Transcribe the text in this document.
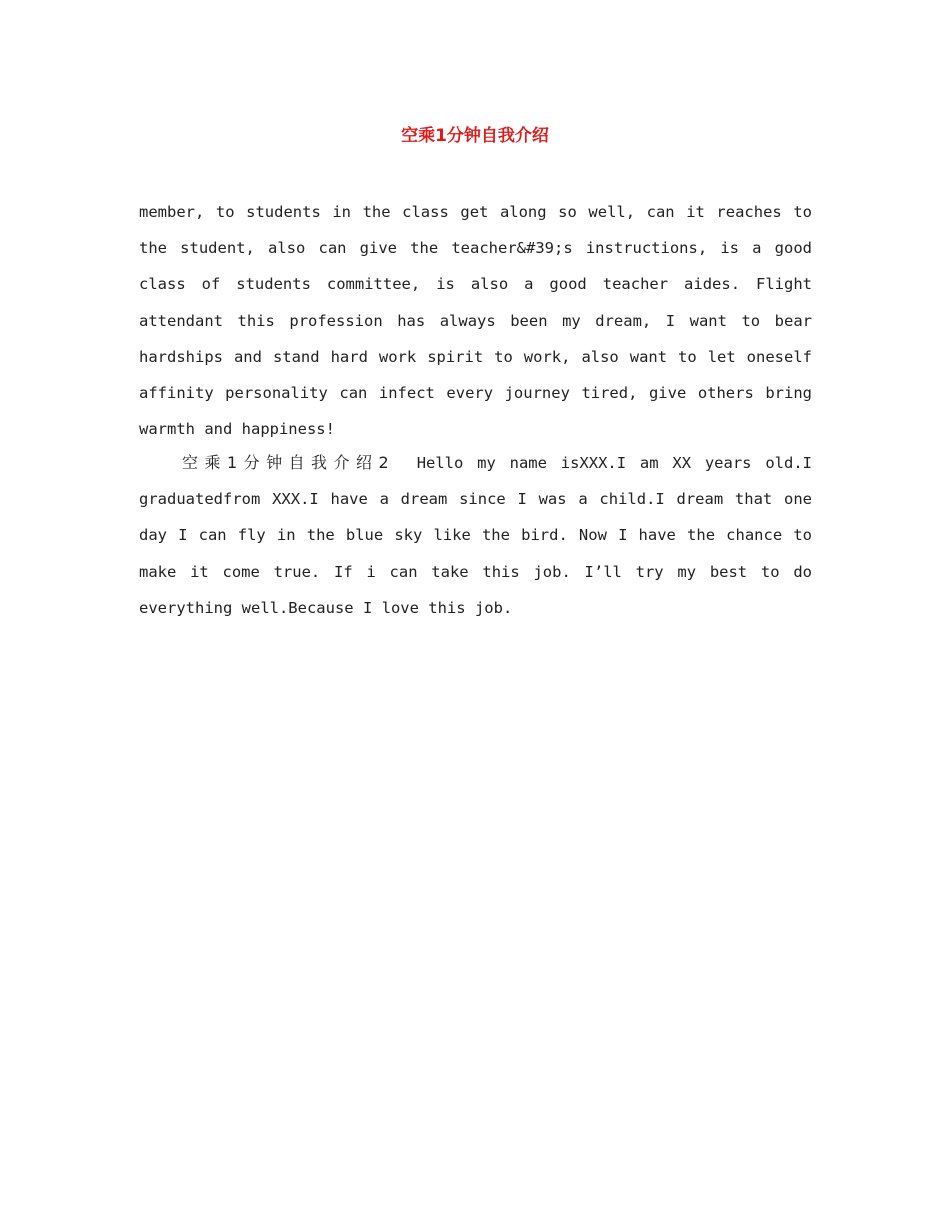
空乘1分钟自我介绍

member, to students in the class get along so well, can it reaches to the student, also can give the teacher&#39;s instructions, is a good class of students committee, is also a good teacher aides. Flight attendant this profession has always been my dream, I want to bear hardships and stand hard work spirit to work, also want to let oneself affinity personality can infect every journey tired, give others bring warmth and happiness!

空乘1分钟自我介绍2 Hello my name isXXX.I am XX years old.I graduatedfrom XXX.I have a dream since I was a child.I dream that one day I can fly in the blue sky like the bird. Now I have the chance to make it come true. If i can take this job. I’ll try my best to do everything well.Because I love this job.
